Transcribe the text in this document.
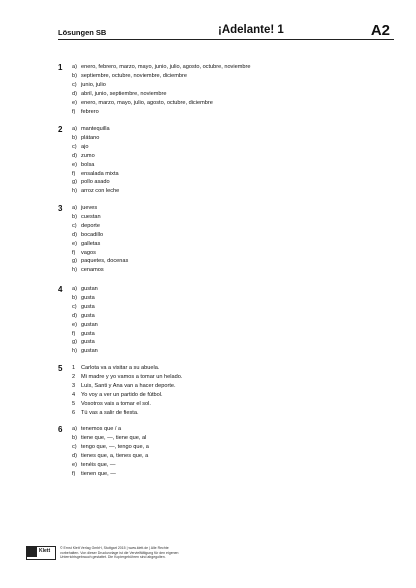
Lösungen SB	¡Adelante! 1	A2
1 a) enero, febrero, marzo, mayo, junio, julio, agosto, octubre, noviembre
b) septiembre, octubre, noviembre, diciembre
c) junio, julio
d) abril, junio, septiembre, noviembre
e) enero, marzo, mayo, julio, agosto, octubre, diciembre
f) febrero
2 a) mantequilla
b) plátano
c) ajo
d) zumo
e) bolsa
f) ensalada mixta
g) pollo asado
h) arroz con leche
3 a) jueves
b) cuestan
c) deporte
d) bocadillo
e) galletas
f) vagos
g) paquetes, docenas
h) cenamos
4 a) gustan
b) gusta
c) gusta
d) gusta
e) gustan
f) gusta
g) gusta
h) gustan
5 1	Carlota va a visitar a su abuela.
2	Mi madre y yo vamos a tomar un helado.
3	Luis, Santi y Ana van a hacer deporte.
4	Yo voy a ver un partido de fútbol.
5	Vosotros vais a tomar el sol.
6	Tú vas a salir de fiesta.
6 a) tenemos que / a
b) tiene que, —, tiene que, al
c) tengo que, —, tengo que, a
d) tienes que, a, tienes que, a
e) tenéis que, —
f) tienen que, —
Klett	© Ernst Klett Verlag GmbH, Stuttgart 2015 | www.klett.de | Alle Rechte
vorbehalten. Von dieser Druckvorlage ist die Vervielfältigung für den eigenen
Unterrichtsgebrauch gestattet. Die Kopiergebühren sind abgegolten.
